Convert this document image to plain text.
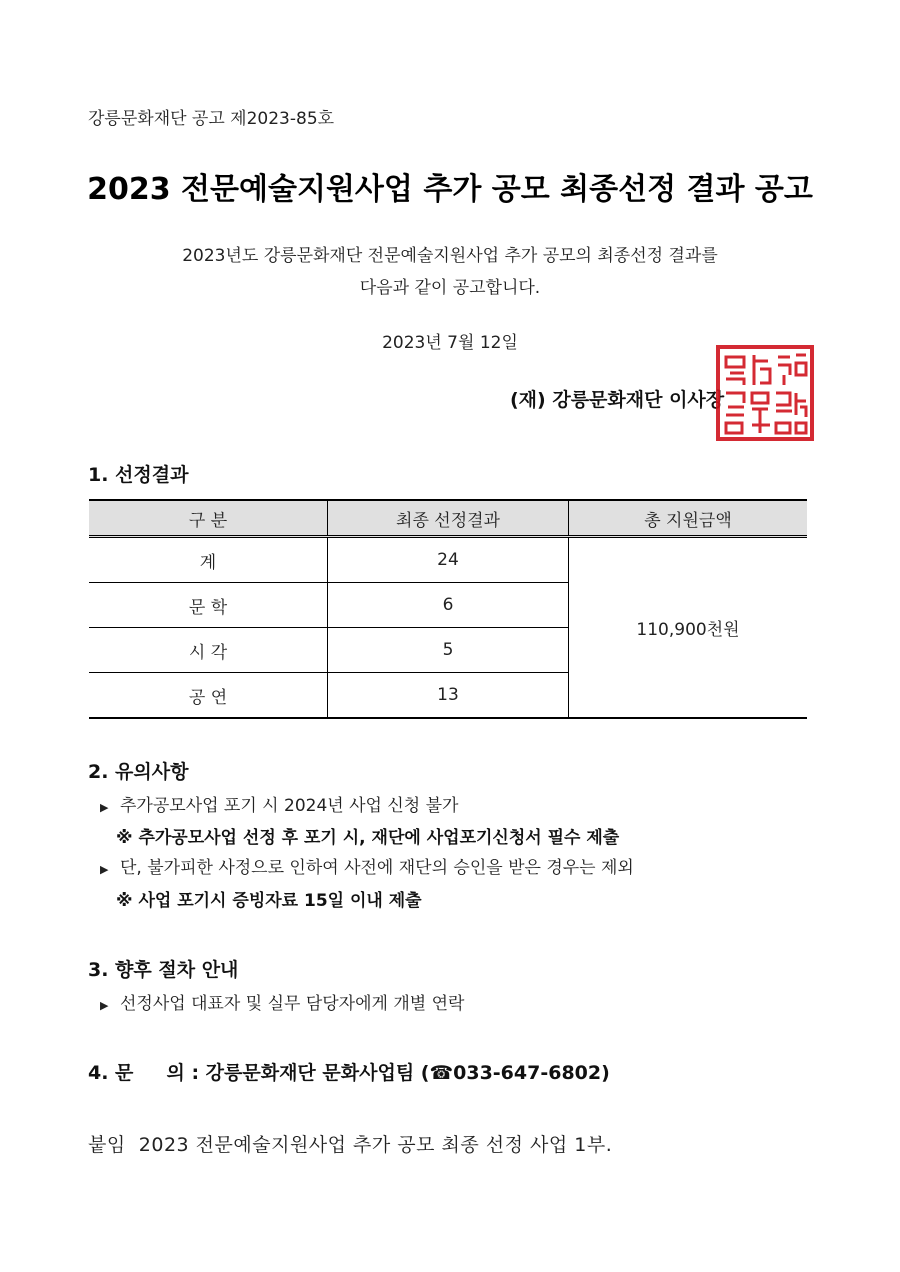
강릉문화재단 공고 제2023-85호
2023 전문예술지원사업 추가 공모 최종선정 결과 공고
2023년도 강릉문화재단 전문예술지원사업 추가 공모의 최종선정 결과를
다음과 같이 공고합니다.
2023년 7월 12일
(재) 강릉문화재단 이사장
1. 선정결과
구 분	최종 선정결과	총 지원금액
계	24	110,900천원
문 학	6	
시 각	5	
공 연	13	
2. 유의사항
▶ 추가공모사업 포기 시 2024년 사업 신청 불가
※ 추가공모사업 선정 후 포기 시, 재단에 사업포기신청서 필수 제출
▶ 단, 불가피한 사정으로 인하여 사전에 재단의 승인을 받은 경우는 제외
※ 사업 포기시 증빙자료 15일 이내 제출
3. 향후 절차 안내
▶ 선정사업 대표자 및 실무 담당자에게 개별 연락
4. 문     의 : 강릉문화재단 문화사업팀 (☎033-647-6802)
붙임  2023 전문예술지원사업 추가 공모 최종 선정 사업 1부.
